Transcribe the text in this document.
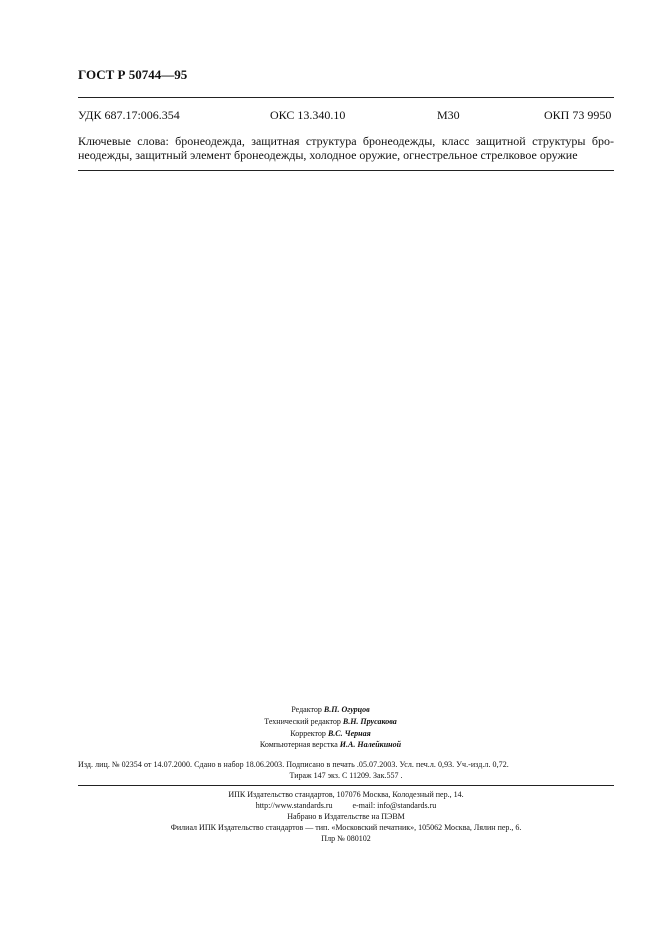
ГОСТ Р 50744—95
УДК 687.17:006.354	ОКС 13.340.10	М30	ОКП 73 9950
Ключевые слова: бронеодежда, защитная структура бронеодежды, класс защитной структуры бронеодежды, защитный элемент бронеодежды, холодное оружие, огнестрельное стрелковое оружие
Редактор В.П. Огурцов
Технический редактор В.Н. Прусакова
Корректор В.С. Черная
Компьютерная верстка И.А. Налейкиной
Изд. лиц. № 02354 от 14.07.2000. Сдано в набор 18.06.2003. Подписано в печать .05.07.2003. Усл. печ.л. 0,93. Уч.-изд.л. 0,72.
Тираж 147 экз. С 11209. Зак.557 .
ИПК Издательство стандартов, 107076 Москва, Колодезный пер., 14.
http://www.standards.ru          e-mail: info@standards.ru
Набрано в Издательстве на ПЭВМ
Филиал ИПК Издательство стандартов — тип. «Московский печатник», 105062 Москва, Лялин пер., 6.
Плр № 080102
